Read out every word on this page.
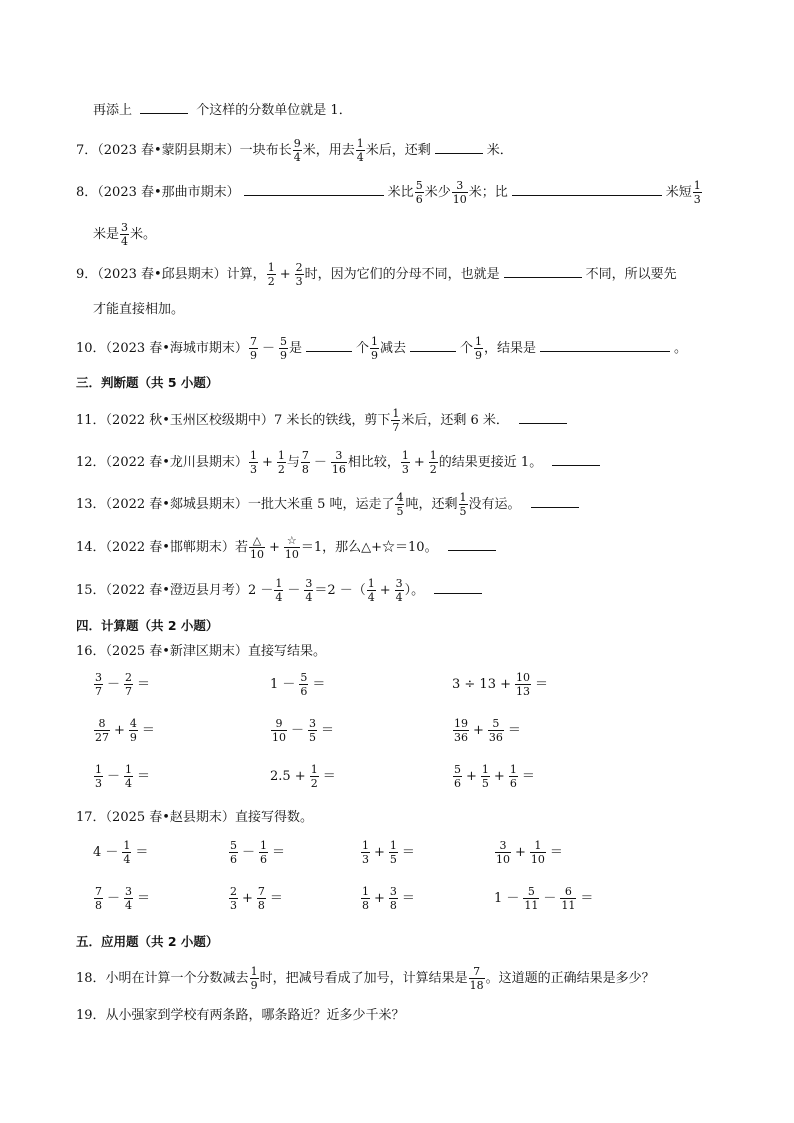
再添上	个这样的分数单位就是 1．
7．（2023 春•蒙阴县期末）一块布长 $\frac{9}{4}$ 米，用去 $\frac{1}{4}$ 米后，还剩	米．
8．（2023 春•那曲市期末）	米比 $\frac{5}{6}$ 米少 $\frac{3}{10}$ 米；比	米短 $\frac{1}{3}$
米是 $\frac{3}{4}$ 米。
9．（2023 春•邱县期末）计算， $\frac{1}{2} + \frac{2}{3}$ 时，因为它们的分母不同，也就是	不同，所以要先
才能直接相加。
10．（2023 春•海城市期末） $\frac{7}{9} - \frac{5}{9}$ 是	个 $\frac{1}{9}$ 减去	个 $\frac{1}{9}$ ，结果是	。
三．判断题（共 5 小题）
11．（2022 秋•玉州区校级期中）7 米长的铁线，剪下 $\frac{1}{7}$ 米后，还剩 6 米．
12．（2022 春•龙川县期末） $\frac{1}{3} + \frac{1}{2}$ 与 $\frac{7}{8} - \frac{3}{16}$ 相比较， $\frac{1}{3} + \frac{1}{2}$ 的结果更接近 1。
13．（2022 春•郯城县期末）一批大米重 5 吨，运走了 $\frac{4}{5}$ 吨，还剩 $\frac{1}{5}$ 没有运。
14．（2022 春•邯郸期末）若 $\frac{\triangle}{10} + \frac{☆}{10} =1$，那么△+☆＝10。
15．（2022 春•澄迈县月考）$2 - \frac{1}{4} - \frac{3}{4} =2$ －（ $\frac{1}{4} + \frac{3}{4}$ ）。
四．计算题（共 2 小题）
16．（2025 春•新津区期末）直接写结果。
$\frac{3}{7} - \frac{2}{7}$ ＝	$1 - \frac{5}{6}$ ＝	$3 \div 13 + \frac{10}{13}$ ＝
$\frac{8}{27} + \frac{4}{9}$ ＝	$\frac{9}{10} - \frac{3}{5}$ ＝	$\frac{19}{36} + \frac{5}{36}$ ＝
$\frac{1}{3} - \frac{1}{4}$ ＝	$2.5 + \frac{1}{2}$ ＝	$\frac{5}{6} + \frac{1}{5} + \frac{1}{6}$ ＝
17．（2025 春•赵县期末）直接写得数。
$4 - \frac{1}{4}$ ＝	$\frac{5}{6} - \frac{1}{6}$ ＝	$\frac{1}{3} + \frac{1}{5}$ ＝	$\frac{3}{10} + \frac{1}{10}$ ＝
$\frac{7}{8} - \frac{3}{4}$ ＝	$\frac{2}{3} + \frac{7}{8}$ ＝	$\frac{1}{8} + \frac{3}{8}$ ＝	$1 - \frac{5}{11} - \frac{6}{11}$ ＝
五．应用题（共 2 小题）
18．小明在计算一个分数减去 $\frac{1}{9}$ 时，把减号看成了加号，计算结果是 $\frac{7}{18}$ 。这道题的正确结果是多少？
19．从小强家到学校有两条路，哪条路近？近多少千米？
